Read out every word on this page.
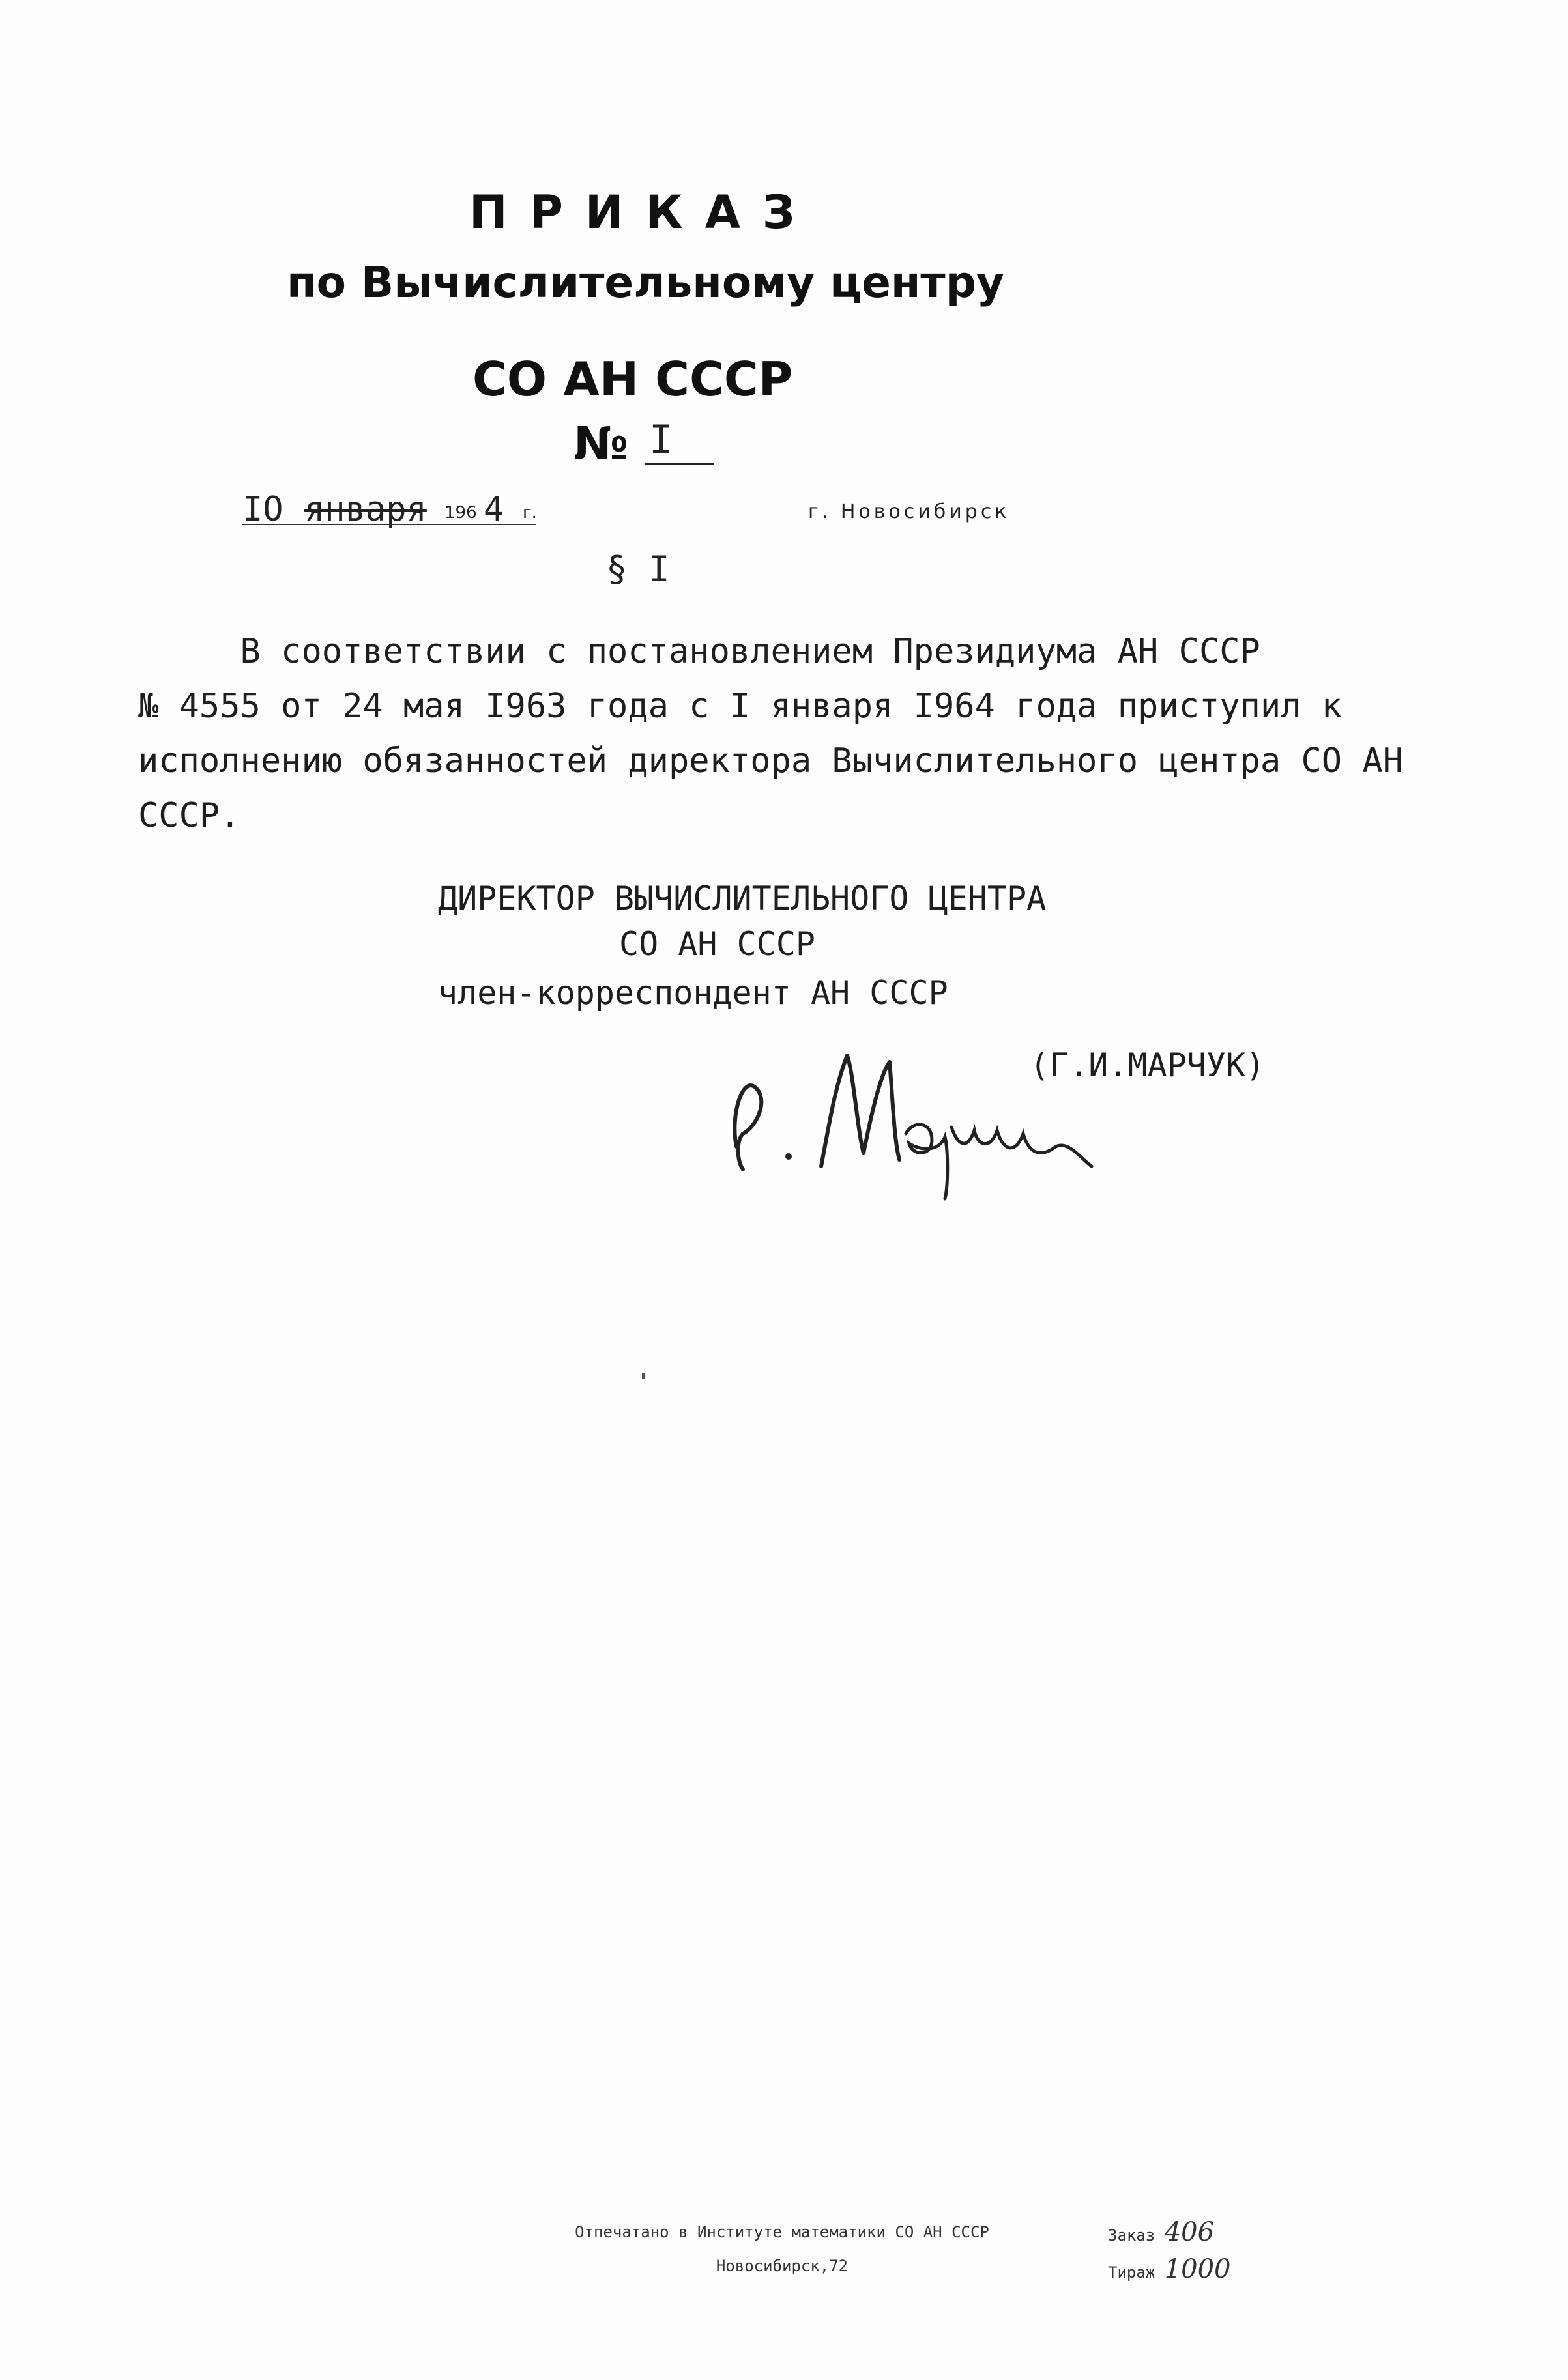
ПРИКАЗ
по Вычислительному центру
СО АН СССР
№ I
IO января 196 4 г.	г. Новосибирск
§ I
В соответствии с постановлением Президиума АН СССР
№ 4555 от 24 мая I963 года с I января I964 года приступил к
исполнению обязанностей директора Вычислительного центра СО АН
СССР.
ДИРЕКТОР ВЫЧИСЛИТЕЛЬНОГО ЦЕНТРА
СО АН СССР
член-корреспондент АН СССР
(Г.И.МАРЧУК)
Отпечатано в Институте математики СО АН СССР
Новосибирск,72
Заказ 406
Тираж 1000
